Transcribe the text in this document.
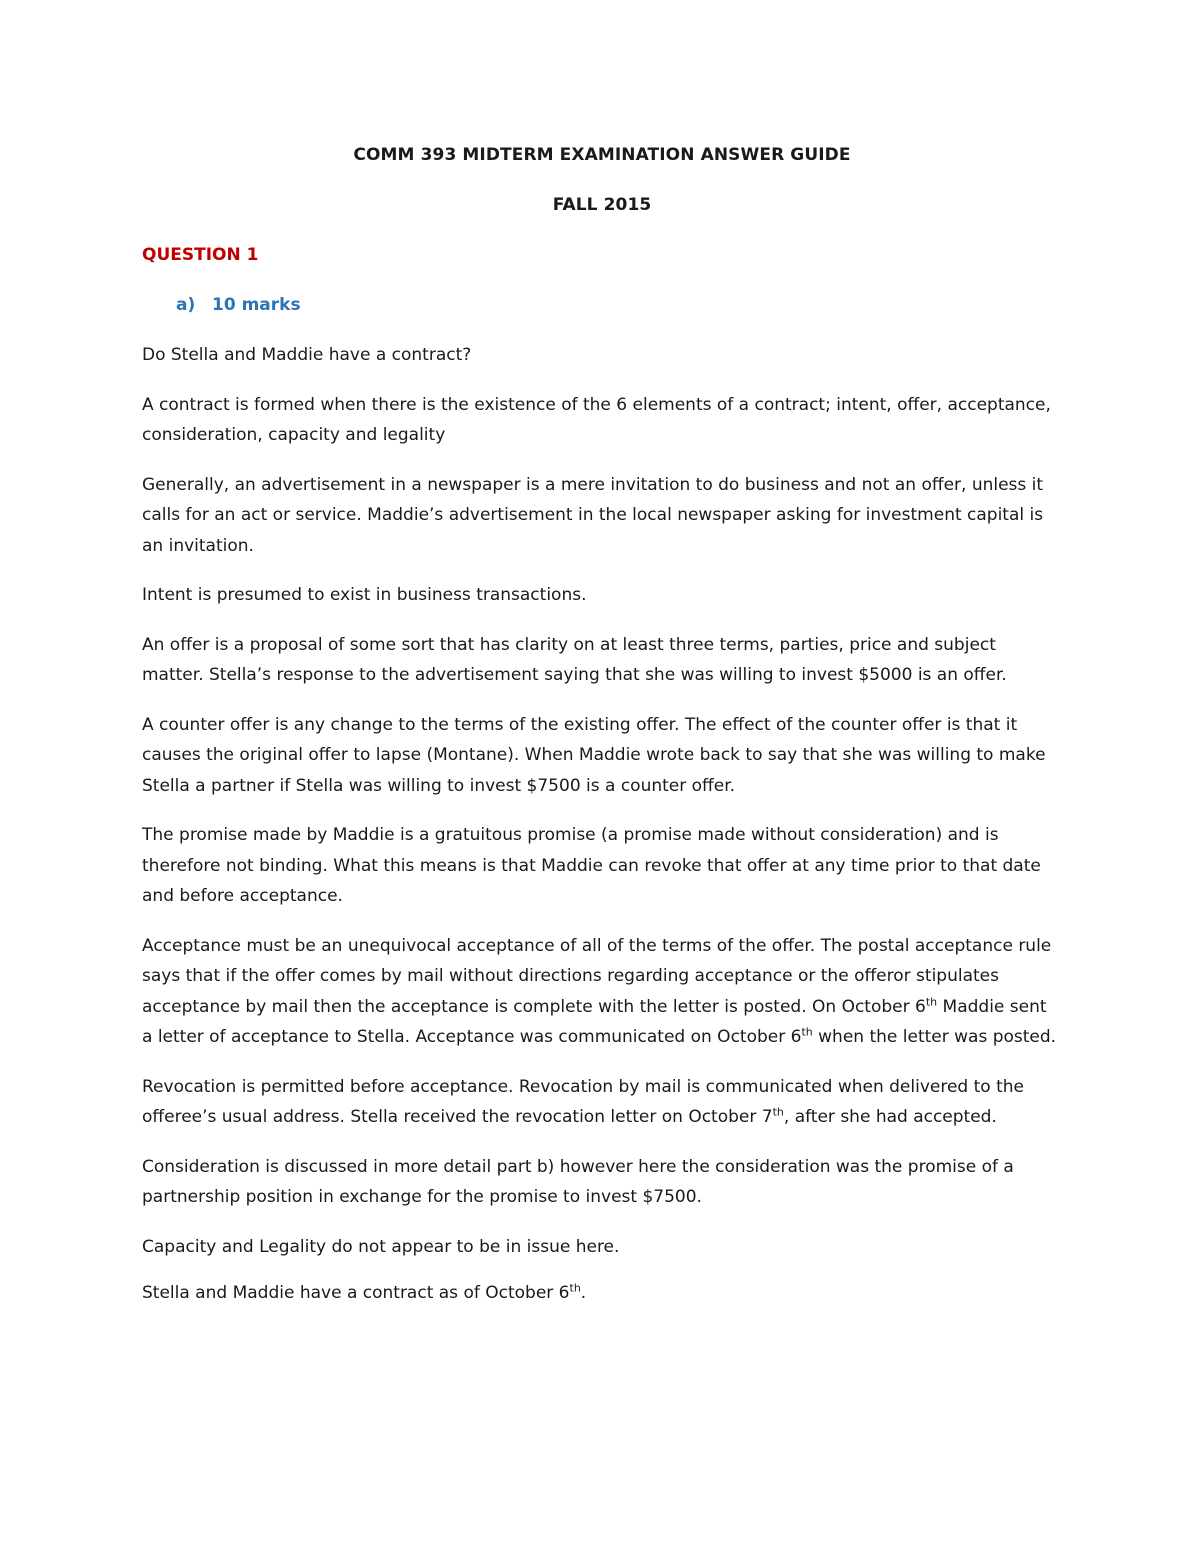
COMM 393 MIDTERM EXAMINATION ANSWER GUIDE
FALL 2015
QUESTION 1
a) 10 marks

Do Stella and Maddie have a contract?

A contract is formed when there is the existence of the 6 elements of a contract; intent, offer, acceptance, consideration, capacity and legality

Generally, an advertisement in a newspaper is a mere invitation to do business and not an offer, unless it calls for an act or service. Maddie’s advertisement in the local newspaper asking for investment capital is an invitation.

Intent is presumed to exist in business transactions.

An offer is a proposal of some sort that has clarity on at least three terms, parties, price and subject matter. Stella’s response to the advertisement saying that she was willing to invest $5000 is an offer.

A counter offer is any change to the terms of the existing offer. The effect of the counter offer is that it causes the original offer to lapse (Montane). When Maddie wrote back to say that she was willing to make Stella a partner if Stella was willing to invest $7500 is a counter offer.

The promise made by Maddie is a gratuitous promise (a promise made without consideration) and is therefore not binding. What this means is that Maddie can revoke that offer at any time prior to that date and before acceptance.

Acceptance must be an unequivocal acceptance of all of the terms of the offer. The postal acceptance rule says that if the offer comes by mail without directions regarding acceptance or the offeror stipulates acceptance by mail then the acceptance is complete with the letter is posted. On October 6th Maddie sent a letter of acceptance to Stella. Acceptance was communicated on October 6th when the letter was posted.

Revocation is permitted before acceptance. Revocation by mail is communicated when delivered to the offeree’s usual address. Stella received the revocation letter on October 7th, after she had accepted.

Consideration is discussed in more detail part b) however here the consideration was the promise of a partnership position in exchange for the promise to invest $7500.

Capacity and Legality do not appear to be in issue here.

Stella and Maddie have a contract as of October 6th.
